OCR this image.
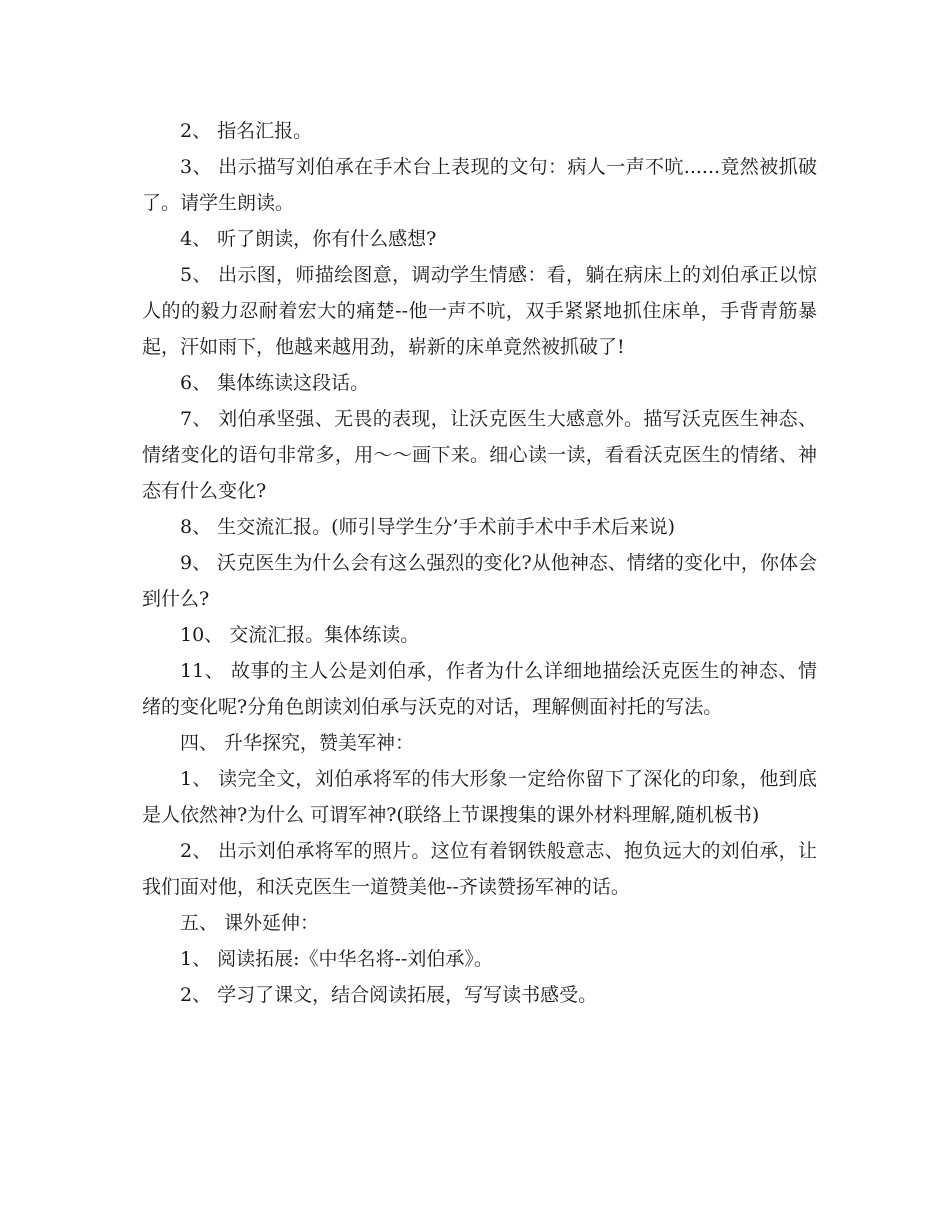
2、 指名汇报。

3、 出示描写刘伯承在手术台上表现的文句：病人一声不吭......竟然被抓破了。请学生朗读。

4、 听了朗读，你有什么感想?

5、 出示图，师描绘图意，调动学生情感：看，躺在病床上的刘伯承正以惊人的的毅力忍耐着宏大的痛楚--他一声不吭，双手紧紧地抓住床单，手背青筋暴起，汗如雨下，他越来越用劲，崭新的床单竟然被抓破了!

6、 集体练读这段话。

7、 刘伯承坚强、无畏的表现，让沃克医生大感意外。描写沃克医生神态、情绪变化的语句非常多，用～～画下来。细心读一读，看看沃克医生的情绪、神态有什么变化?

8、 生交流汇报。(师引导学生分’手术前手术中手术后来说)

9、 沃克医生为什么会有这么强烈的变化?从他神态、情绪的变化中，你体会到什么?

10、 交流汇报。集体练读。

11、 故事的主人公是刘伯承，作者为什么详细地描绘沃克医生的神态、情绪的变化呢?分角色朗读刘伯承与沃克的对话，理解侧面衬托的写法。

四、 升华探究，赞美军神：

1、 读完全文，刘伯承将军的伟大形象一定给你留下了深化的印象，他到底是人依然神?为什么 可谓军神?(联络上节课搜集的课外材料理解,随机板书)

2、 出示刘伯承将军的照片。这位有着钢铁般意志、抱负远大的刘伯承，让我们面对他，和沃克医生一道赞美他--齐读赞扬军神的话。

五、 课外延伸：

1、 阅读拓展:《中华名将--刘伯承》。

2、 学习了课文，结合阅读拓展，写写读书感受。
